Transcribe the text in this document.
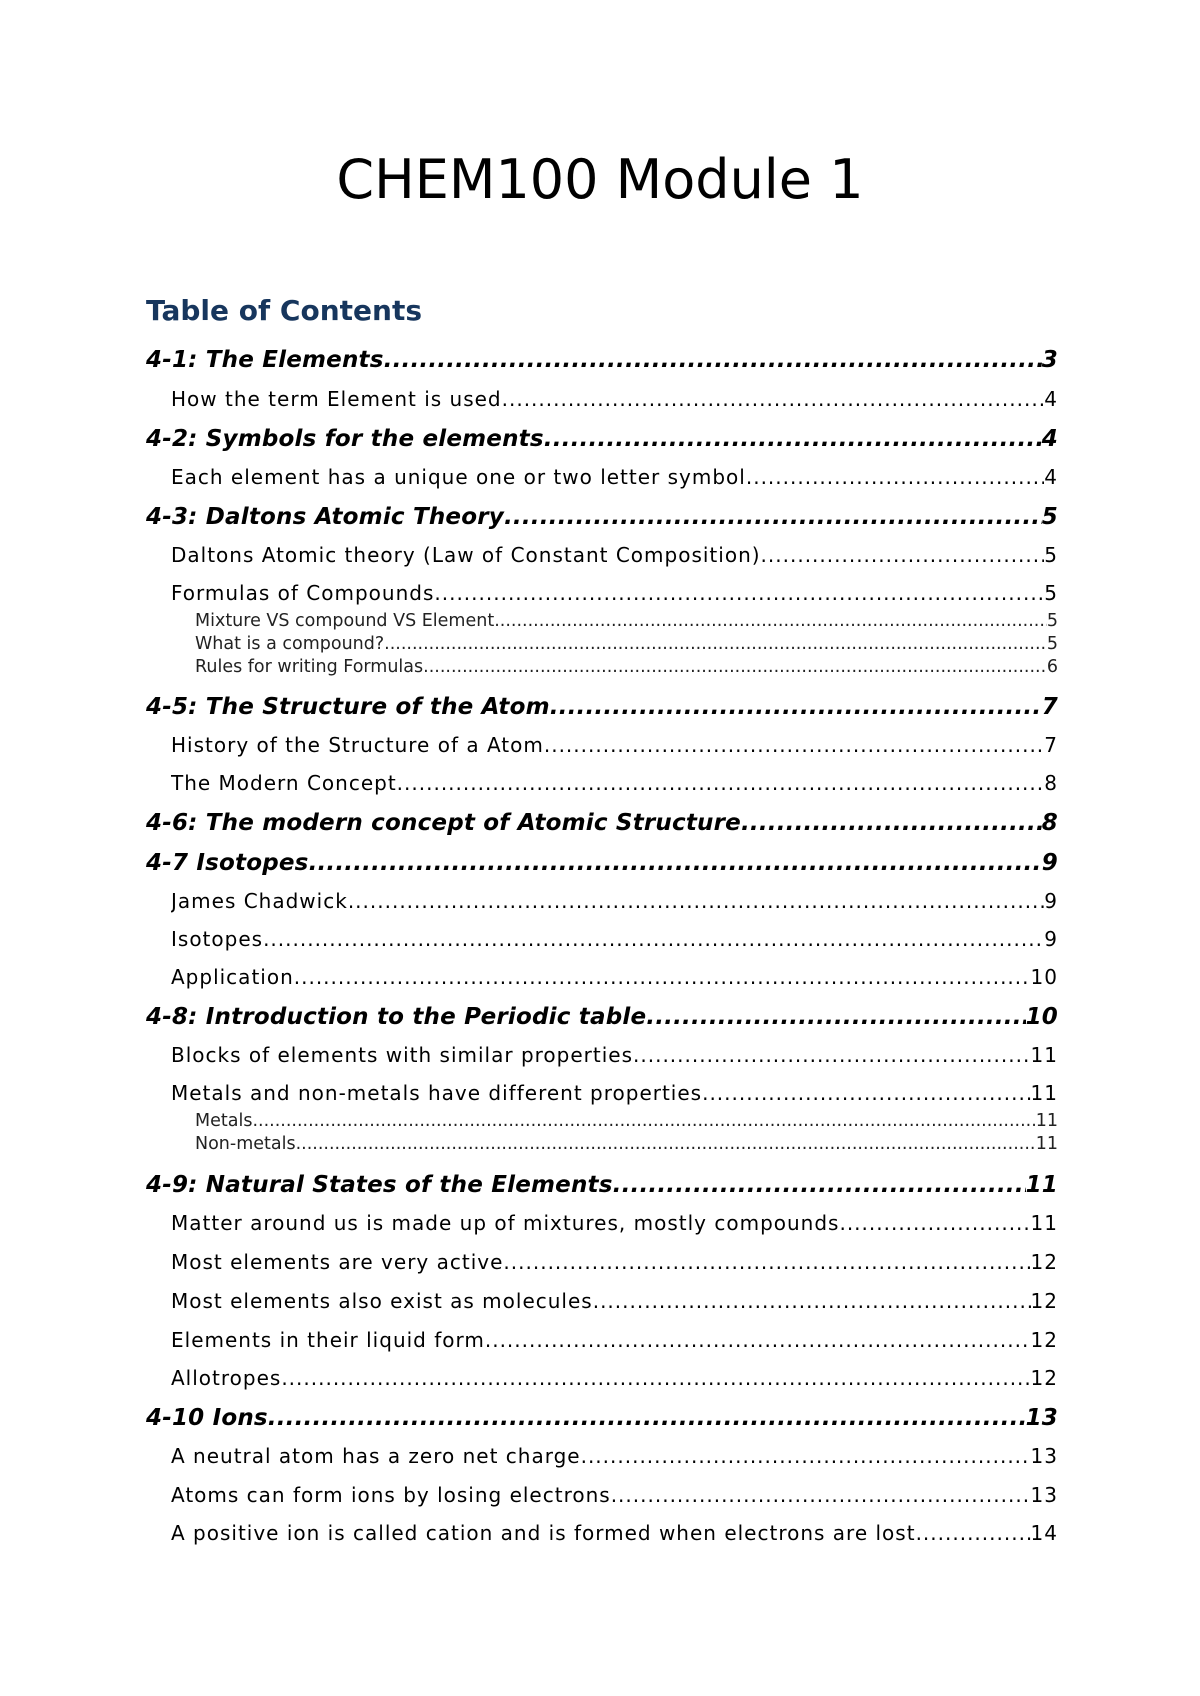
CHEM100 Module 1
Table of Contents
4-1: The Elements .....	3
How the term Element is used .....	4
4-2: Symbols for the elements .....	4
Each element has a unique one or two letter symbol. .....	4
4-3: Daltons Atomic Theory .....	5
Daltons Atomic theory (Law of Constant Composition) .....	5
Formulas of Compounds .....	5
Mixture VS compound VS Element .....	5
What is a compound? .....	5
Rules for writing Formulas .....	6
4-5: The Structure of the Atom .....	7
History of the Structure of a Atom .....	7
The Modern Concept .....	8
4-6: The modern concept of Atomic Structure .....	8
4-7 Isotopes .....	9
James Chadwick .....	9
Isotopes .....	9
Application .....	10
4-8: Introduction to the Periodic table .....	10
Blocks of elements with similar properties .....	11
Metals and non-metals have different properties .....	11
Metals .....	11
Non-metals .....	11
4-9: Natural States of the Elements .....	11
Matter around us is made up of mixtures, mostly compounds .....	11
Most elements are very active .....	12
Most elements also exist as molecules .....	12
Elements in their liquid form .....	12
Allotropes .....	12
4-10 Ions .....	13
A neutral atom has a zero net charge .....	13
Atoms can form ions by losing electrons .....	13
A positive ion is called cation and is formed when electrons are lost .....	14
